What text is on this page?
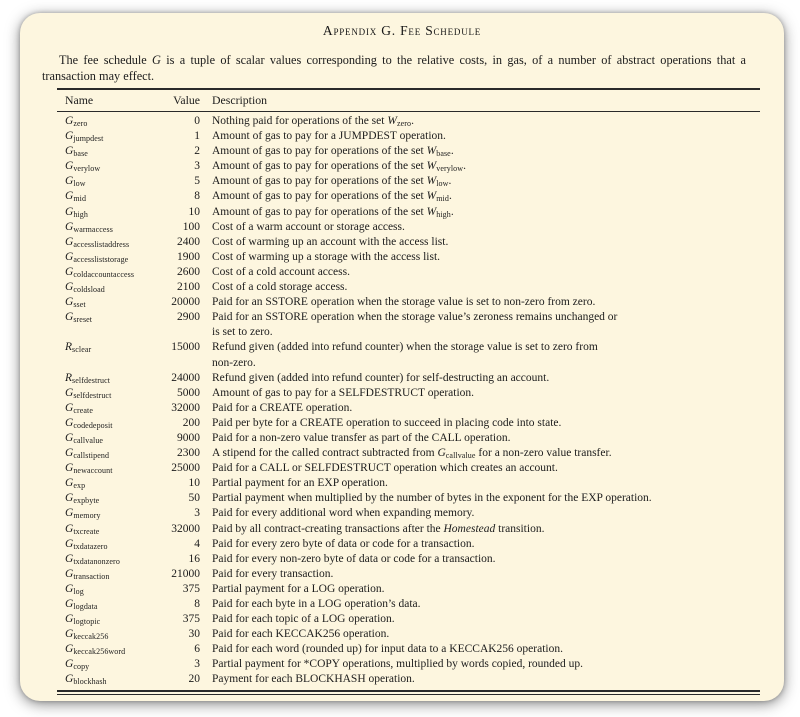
Appendix G. Fee Schedule
The fee schedule G is a tuple of scalar values corresponding to the relative costs, in gas, of a number of abstract operations that a transaction may effect.
Name	Value	Description
$G_{zero}$	0	Nothing paid for operations of the set $W_{zero}$.
$G_{jumpdest}$	1	Amount of gas to pay for a JUMPDEST operation.
$G_{base}$	2	Amount of gas to pay for operations of the set $W_{base}$.
$G_{verylow}$	3	Amount of gas to pay for operations of the set $W_{verylow}$.
$G_{low}$	5	Amount of gas to pay for operations of the set $W_{low}$.
$G_{mid}$	8	Amount of gas to pay for operations of the set $W_{mid}$.
$G_{high}$	10	Amount of gas to pay for operations of the set $W_{high}$.
$G_{warmaccess}$	100	Cost of a warm account or storage access.
$G_{accesslistaddress}$	2400	Cost of warming up an account with the access list.
$G_{accessliststorage}$	1900	Cost of warming up a storage with the access list.
$G_{coldaccountaccess}$	2600	Cost of a cold account access.
$G_{coldsload}$	2100	Cost of a cold storage access.
$G_{sset}$	20000	Paid for an SSTORE operation when the storage value is set to non-zero from zero.
$G_{sreset}$	2900	Paid for an SSTORE operation when the storage value’s zeroness remains unchanged or
is set to zero.
$R_{sclear}$	15000	Refund given (added into refund counter) when the storage value is set to zero from
non-zero.
$R_{selfdestruct}$	24000	Refund given (added into refund counter) for self-destructing an account.
$G_{selfdestruct}$	5000	Amount of gas to pay for a SELFDESTRUCT operation.
$G_{create}$	32000	Paid for a CREATE operation.
$G_{codedeposit}$	200	Paid per byte for a CREATE operation to succeed in placing code into state.
$G_{callvalue}$	9000	Paid for a non-zero value transfer as part of the CALL operation.
$G_{callstipend}$	2300	A stipend for the called contract subtracted from $G_{callvalue}$ for a non-zero value transfer.
$G_{newaccount}$	25000	Paid for a CALL or SELFDESTRUCT operation which creates an account.
$G_{exp}$	10	Partial payment for an EXP operation.
$G_{expbyte}$	50	Partial payment when multiplied by the number of bytes in the exponent for the EXP operation.
$G_{memory}$	3	Paid for every additional word when expanding memory.
$G_{txcreate}$	32000	Paid by all contract-creating transactions after the Homestead transition.
$G_{txdatazero}$	4	Paid for every zero byte of data or code for a transaction.
$G_{txdatanonzero}$	16	Paid for every non-zero byte of data or code for a transaction.
$G_{transaction}$	21000	Paid for every transaction.
$G_{log}$	375	Partial payment for a LOG operation.
$G_{logdata}$	8	Paid for each byte in a LOG operation’s data.
$G_{logtopic}$	375	Paid for each topic of a LOG operation.
$G_{keccak256}$	30	Paid for each KECCAK256 operation.
$G_{keccak256word}$	6	Paid for each word (rounded up) for input data to a KECCAK256 operation.
$G_{copy}$	3	Partial payment for *COPY operations, multiplied by words copied, rounded up.
$G_{blockhash}$	20	Payment for each BLOCKHASH operation.
